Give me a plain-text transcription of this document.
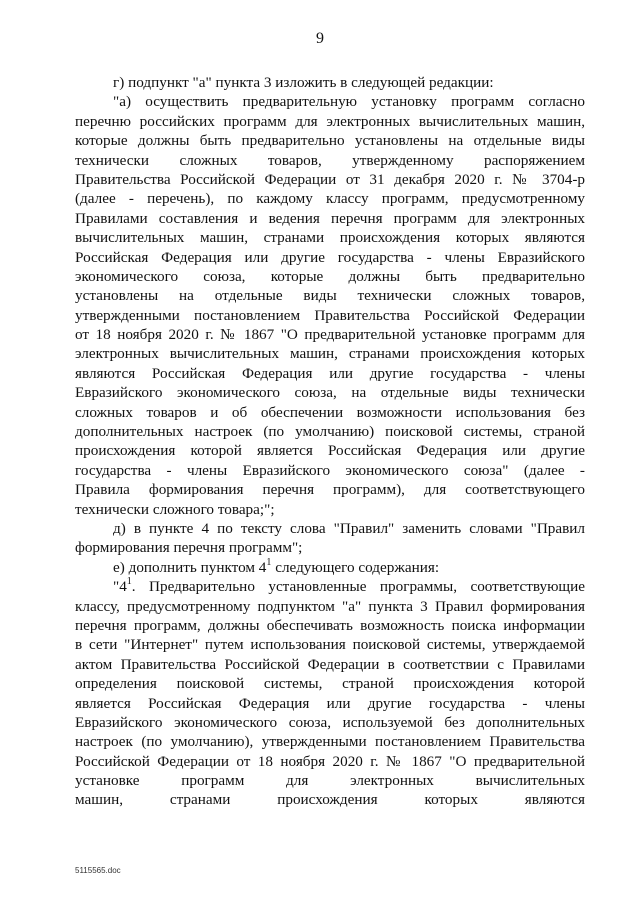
9
г) подпункт "а" пункта 3 изложить в следующей редакции:
"а) осуществить предварительную установку программ согласно
перечню российских программ для электронных вычислительных машин,
которые должны быть предварительно установлены на отдельные виды
технически сложных товаров, утвержденному распоряжением
Правительства Российской Федерации от 31 декабря 2020 г. № 3704-р
(далее - перечень), по каждому классу программ, предусмотренному
Правилами составления и ведения перечня программ для электронных
вычислительных машин, странами происхождения которых являются
Российская Федерация или другие государства - члены Евразийского
экономического союза, которые должны быть предварительно
установлены на отдельные виды технически сложных товаров,
утвержденными постановлением Правительства Российской Федерации
от 18 ноября 2020 г. № 1867 "О предварительной установке программ для
электронных вычислительных машин, странами происхождения которых
являются Российская Федерация или другие государства - члены
Евразийского экономического союза, на отдельные виды технически
сложных товаров и об обеспечении возможности использования без
дополнительных настроек (по умолчанию) поисковой системы, страной
происхождения которой является Российская Федерация или другие
государства - члены Евразийского экономического союза" (далее -
Правила формирования перечня программ), для соответствующего
технически сложного товара;";
д) в пункте 4 по тексту слова "Правил" заменить словами "Правил
формирования перечня программ";
е) дополнить пунктом $4^1$ следующего содержания:
"$4^1$. Предварительно установленные программы, соответствующие
классу, предусмотренному подпунктом "а" пункта 3 Правил формирования
перечня программ, должны обеспечивать возможность поиска информации
в сети "Интернет" путем использования поисковой системы, утверждаемой
актом Правительства Российской Федерации в соответствии с Правилами
определения поисковой системы, страной происхождения которой
является Российская Федерация или другие государства - члены
Евразийского экономического союза, используемой без дополнительных
настроек (по умолчанию), утвержденными постановлением Правительства
Российской Федерации от 18 ноября 2020 г. № 1867 "О предварительной
установке программ для электронных вычислительных
машин, странами происхождения которых являются
5115565.doc
